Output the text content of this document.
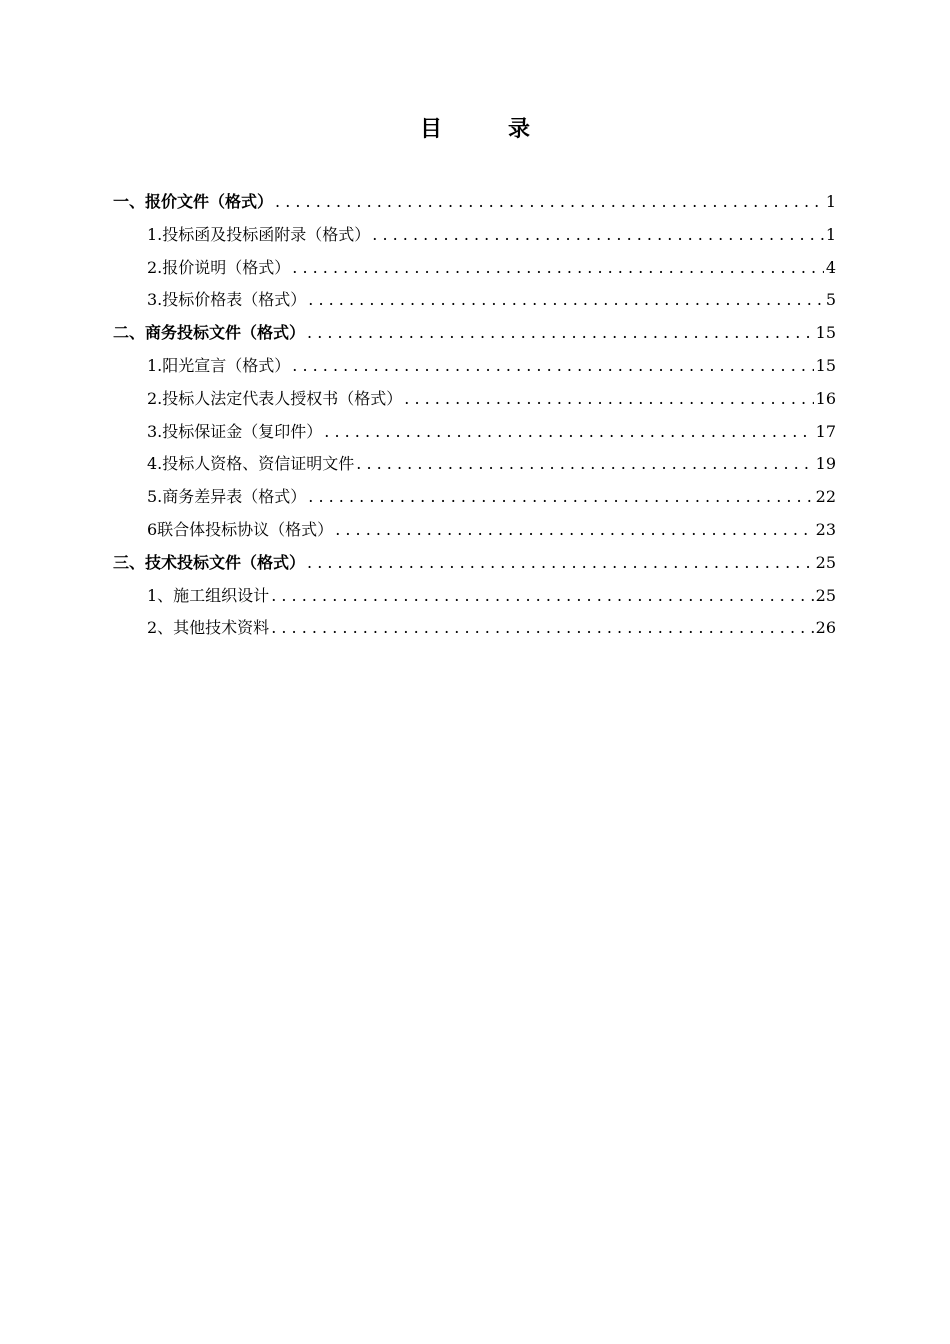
目　录
一、报价文件（格式） . . .	1
1.投标函及投标函附录（格式） . . .	1
2.报价说明（格式） . . .	4
3.投标价格表（格式） . . .	5
二、商务投标文件（格式） . . .	15
1.阳光宣言（格式） . . .	15
2.投标人法定代表人授权书（格式） . . .	16
3.投标保证金（复印件） . . .	17
4.投标人资格、资信证明文件 . . .	19
5.商务差异表（格式） . . .	22
6联合体投标协议（格式） . . .	23
三、技术投标文件（格式） . . .	25
1、施工组织设计 . . .	25
2、其他技术资料 . . .	26
